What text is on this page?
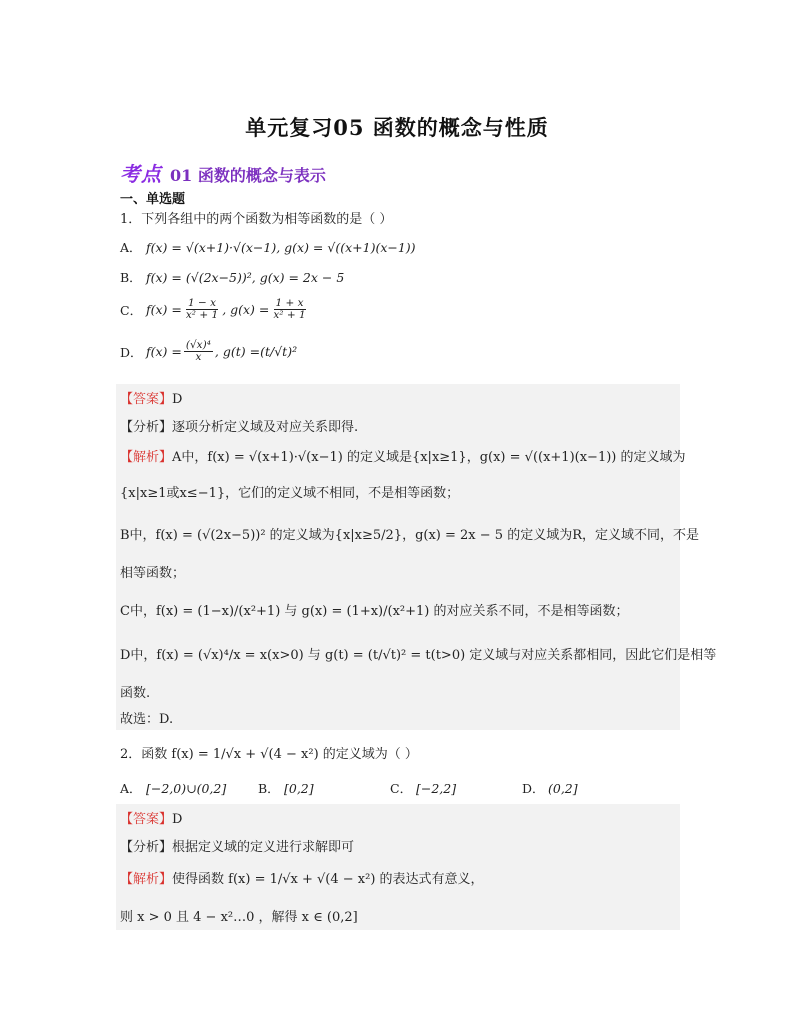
单元复习05 函数的概念与性质
考点 01 函数的概念与表示
一、单选题
1．下列各组中的两个函数为相等函数的是（ ）
A． f(x) = √(x+1)·√(x−1), g(x) = √((x+1)(x−1))
B． f(x) = (√(2x−5))², g(x) = 2x − 5
C． $f(x) = \frac{1 - x}{\text{x² + 1}}$ , $g(x) = \frac{1 + x}{\text{x² + 1}}$
D． $f(x) = \frac{\text{(√x)⁴}}{x}$ , g(t) = (t/√t)²
【答案】D
【分析】逐项分析定义域及对应关系即得.
【解析】A中，f(x) = √(x+1)·√(x−1) 的定义域是{x|x≥1}，g(x) = √((x+1)(x−1)) 的定义域为
{x|x≥1或x≤−1}，它们的定义域不相同，不是相等函数；
B中，f(x) = (√(2x−5))² 的定义域为{x|x≥5/2}，g(x) = 2x − 5 的定义域为R，定义域不同，不是
相等函数；
C中，f(x) = (1−x)/(x²+1) 与 g(x) = (1+x)/(x²+1) 的对应关系不同，不是相等函数；
D中，f(x) = (√x)⁴/x = x(x>0) 与 g(t) = (t/√t)² = t(t>0) 定义域与对应关系都相同，因此它们是相等
函数.
故选：D.
2．函数 f(x) = 1/√x + √(4 − x²) 的定义域为（ ）
A． [−2,0)∪(0,2]	B． [0,2]	C． [−2,2]	D． (0,2]
【答案】D
【分析】根据定义域的定义进行求解即可
【解析】使得函数 f(x) = 1/√x + √(4 − x²) 的表达式有意义，
则 x > 0 且 4 − x²…0 ，解得 x ∈ (0,2]
